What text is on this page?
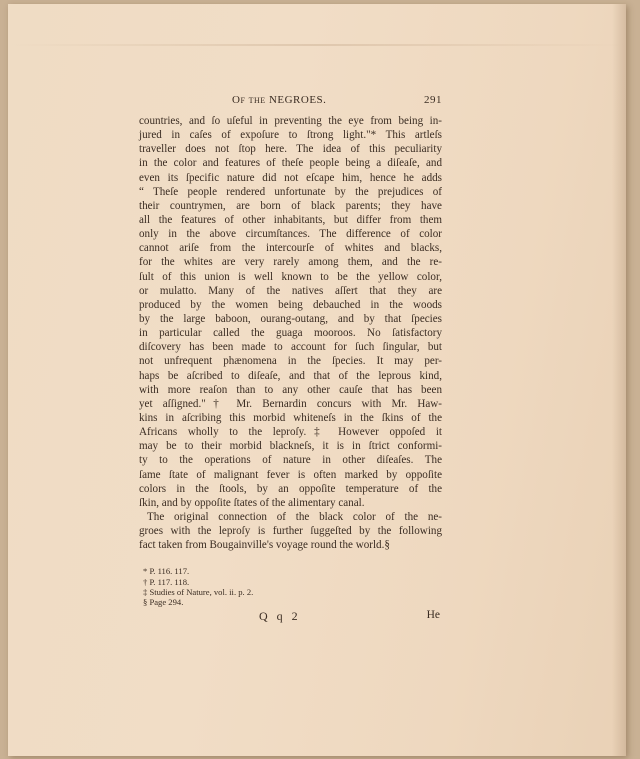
Of the NEGROES.	291
countries, and ſo uſeful in preventing the eye from being in-
jured in caſes of expoſure to ſtrong light."* This artleſs
traveller does not ſtop here. The idea of this peculiarity
in the color and features of theſe people being a diſeaſe, and
even its ſpecific nature did not eſcape him, hence he adds
“ Theſe people rendered unfortunate by the prejudices of
their countrymen, are born of black parents; they have
all the features of other inhabitants, but differ from them
only in the above circumſtances. The difference of color
cannot ariſe from the intercourſe of whites and blacks,
for the whites are very rarely among them, and the re-
ſult of this union is well known to be the yellow color,
or mulatto. Many of the natives aſſert that they are
produced by the women being debauched in the woods
by the large baboon, ourang-outang, and by that ſpecies
in particular called the guaga mooroos. No ſatisfactory
diſcovery has been made to account for ſuch ſingular, but
not unfrequent phænomena in the ſpecies. It may per-
haps be aſcribed to diſeaſe, and that of the leprous kind,
with more reaſon than to any other cauſe that has been
yet aſſigned."† Mr. Bernardin concurs with Mr. Haw-
kins in aſcribing this morbid whiteneſs in the ſkins of the
Africans wholly to the leproſy.‡ However oppoſed it
may be to their morbid blackneſs, it is in ſtrict conformi-
ty to the operations of nature in other diſeaſes. The
ſame ſtate of malignant fever is often marked by oppoſite
colors in the ſtools, by an oppoſite temperature of the
ſkin, and by oppoſite ſtates of the alimentary canal.
The original connection of the black color of the ne-
groes with the leproſy is further ſuggeſted by the following
fact taken from Bougainville's voyage round the world.§
* P. 116. 117.
† P. 117. 118.
‡ Studies of Nature, vol. ii. p. 2.
§ Page 294.
Q q 2	He
